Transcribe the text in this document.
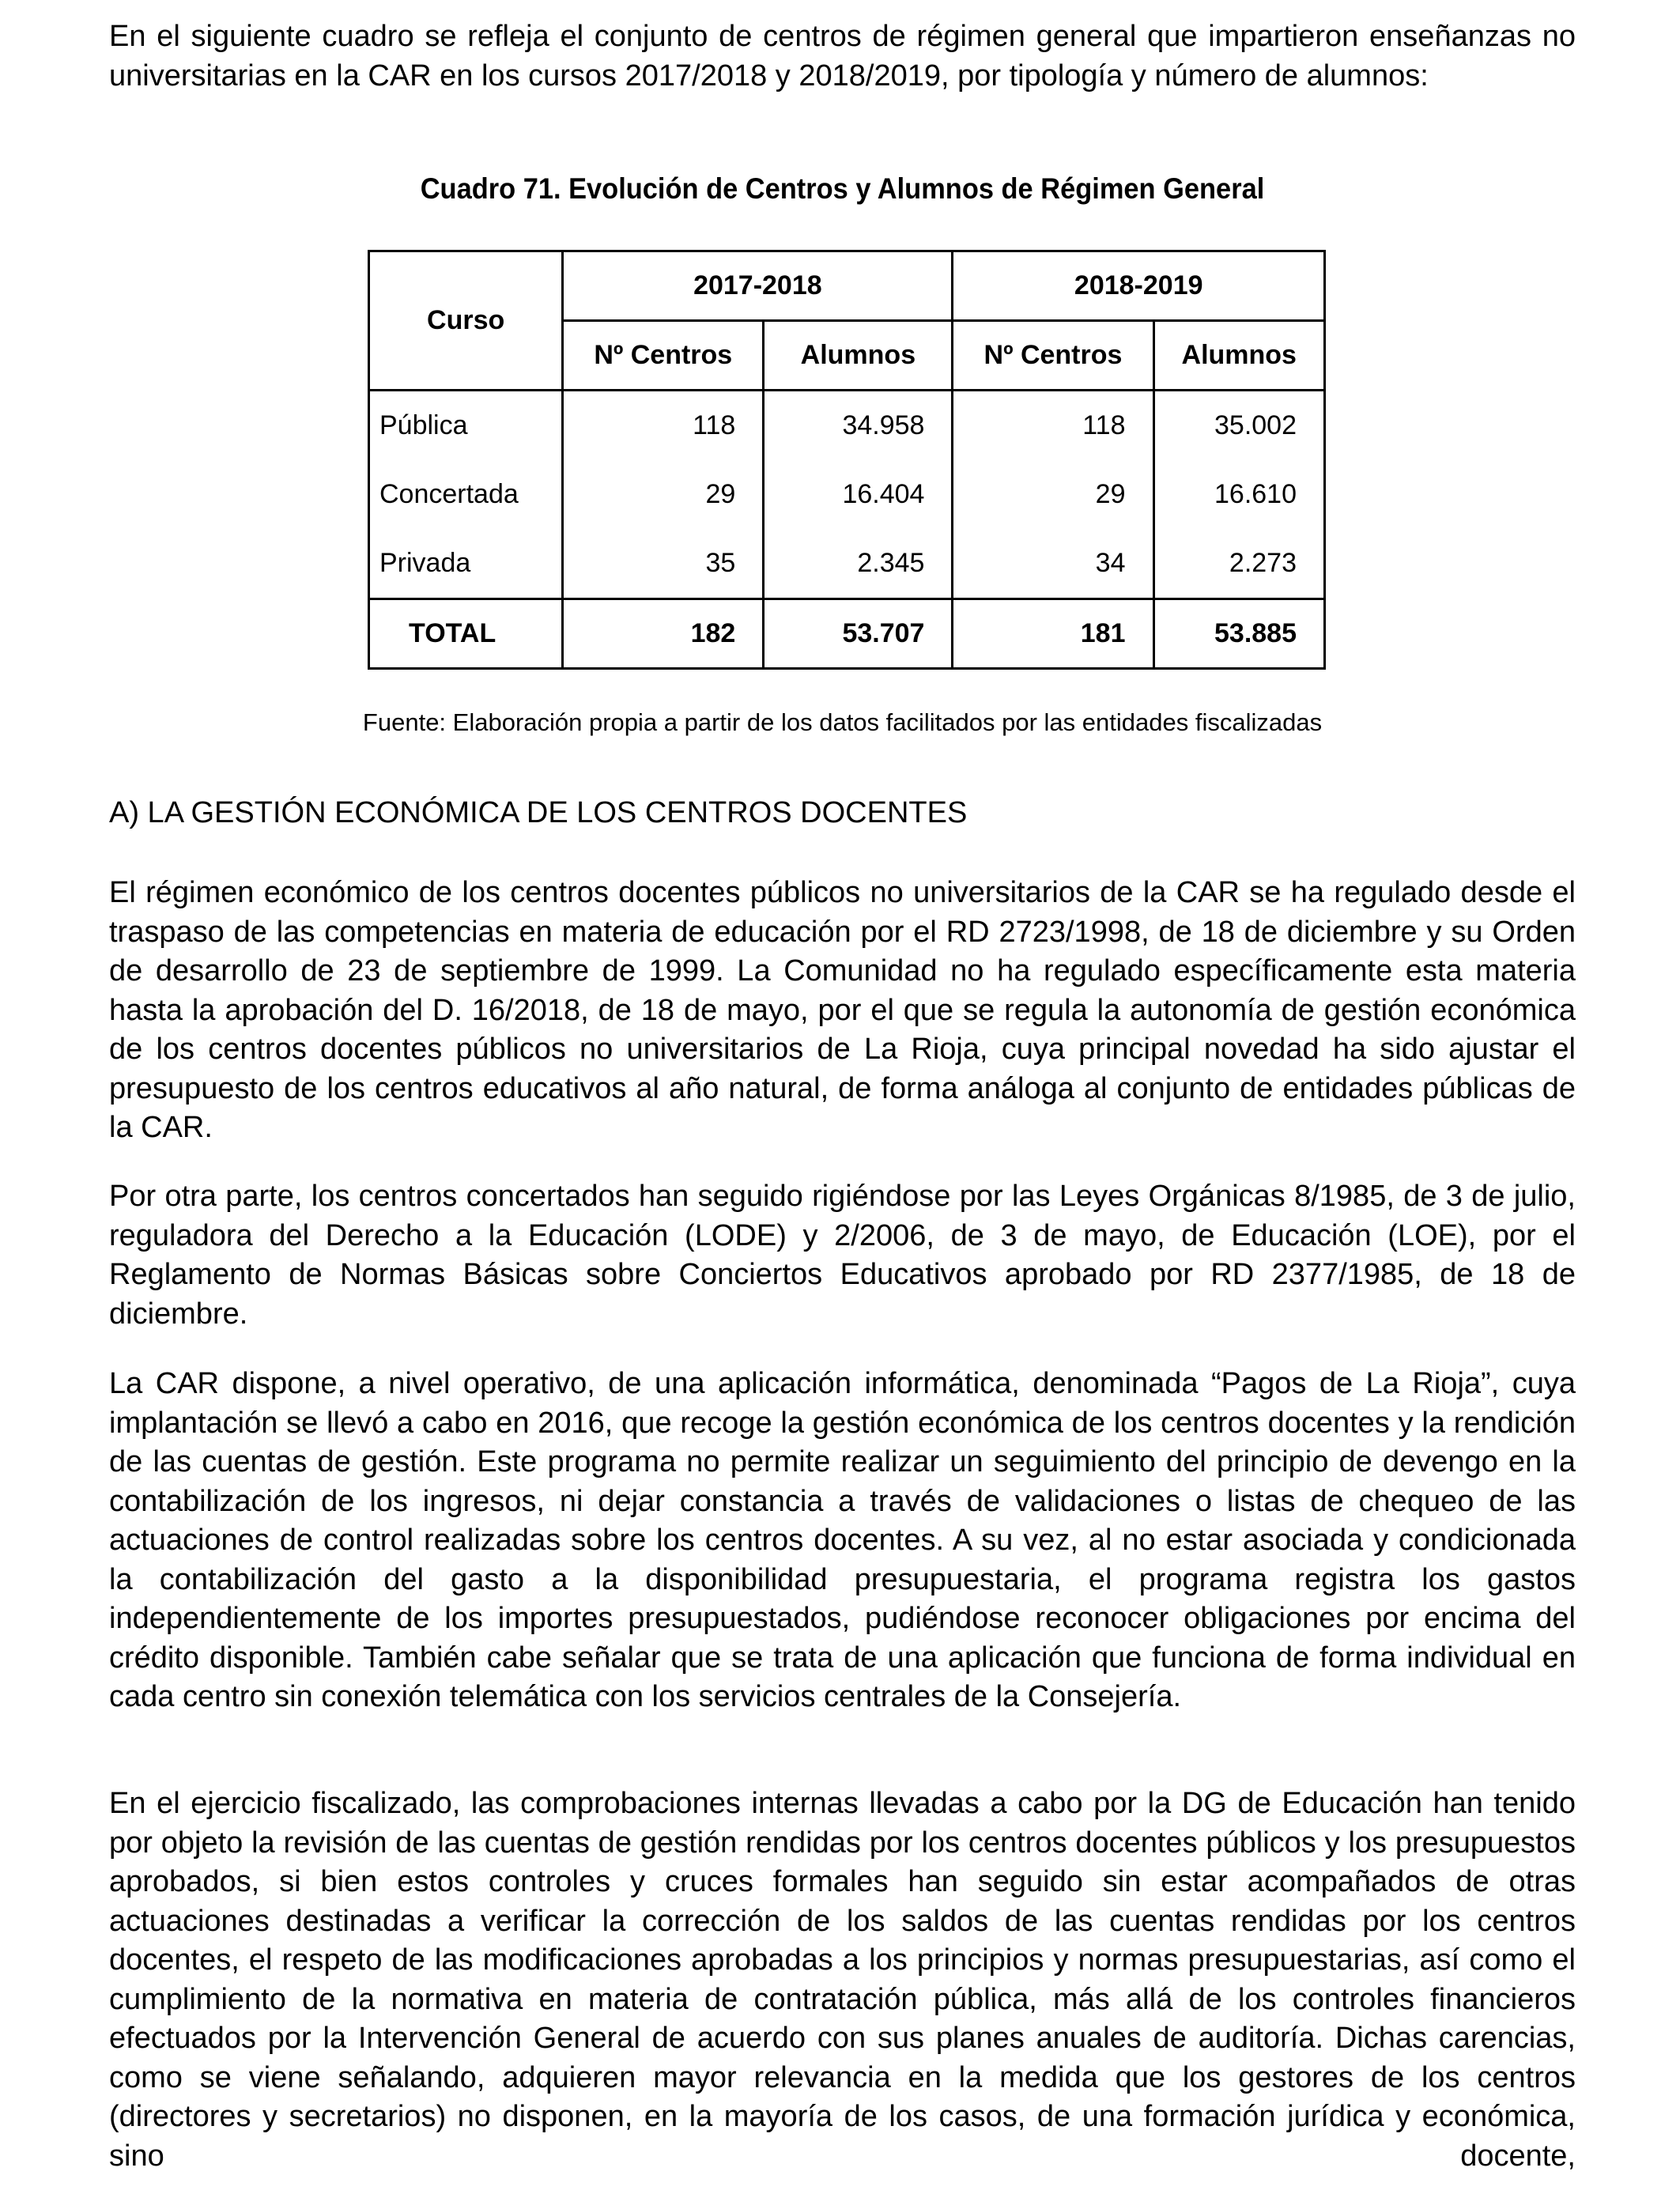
En el siguiente cuadro se refleja el conjunto de centros de régimen general que impartieron enseñanzas no universitarias en la CAR en los cursos 2017/2018 y 2018/2019, por tipología y número de alumnos:

Cuadro 71. Evolución de Centros y Alumnos de Régimen General

Curso	2017-2018		2018-2019	
	Nº Centros	Alumnos	Nº Centros	Alumnos
Pública	118	34.958	118	35.002
Concertada	29	16.404	29	16.610
Privada	35	2.345	34	2.273
TOTAL	182	53.707	181	53.885

Fuente: Elaboración propia a partir de los datos facilitados por las entidades fiscalizadas

A) LA GESTIÓN ECONÓMICA DE LOS CENTROS DOCENTES

El régimen económico de los centros docentes públicos no universitarios de la CAR se ha regulado desde el traspaso de las competencias en materia de educación por el RD 2723/1998, de 18 de diciembre y su Orden de desarrollo de 23 de septiembre de 1999. La Comunidad no ha regulado específicamente esta materia hasta la aprobación del D. 16/2018, de 18 de mayo, por el que se regula la autonomía de gestión económica de los centros docentes públicos no universitarios de La Rioja, cuya principal novedad ha sido ajustar el presupuesto de los centros educativos al año natural, de forma análoga al conjunto de entidades públicas de la CAR.

Por otra parte, los centros concertados han seguido rigiéndose por las Leyes Orgánicas 8/1985, de 3 de julio, reguladora del Derecho a la Educación (LODE) y 2/2006, de 3 de mayo, de Educación (LOE), por el Reglamento de Normas Básicas sobre Conciertos Educativos aprobado por RD 2377/1985, de 18 de diciembre.

La CAR dispone, a nivel operativo, de una aplicación informática, denominada “Pagos de La Rioja”, cuya implantación se llevó a cabo en 2016, que recoge la gestión económica de los centros docentes y la rendición de las cuentas de gestión. Este programa no permite realizar un seguimiento del principio de devengo en la contabilización de los ingresos, ni dejar constancia a través de validaciones o listas de chequeo de las actuaciones de control realizadas sobre los centros docentes. A su vez, al no estar asociada y condicionada la contabilización del gasto a la disponibilidad presupuestaria, el programa registra los gastos independientemente de los importes presupuestados, pudiéndose reconocer obligaciones por encima del crédito disponible. También cabe señalar que se trata de una aplicación que funciona de forma individual en cada centro sin conexión telemática con los servicios centrales de la Consejería.

En el ejercicio fiscalizado, las comprobaciones internas llevadas a cabo por la DG de Educación han tenido por objeto la revisión de las cuentas de gestión rendidas por los centros docentes públicos y los presupuestos aprobados, si bien estos controles y cruces formales han seguido sin estar acompañados de otras actuaciones destinadas a verificar la corrección de los saldos de las cuentas rendidas por los centros docentes, el respeto de las modificaciones aprobadas a los principios y normas presupuestarias, así como el cumplimiento de la normativa en materia de contratación pública, más allá de los controles financieros efectuados por la Intervención General de acuerdo con sus planes anuales de auditoría. Dichas carencias, como se viene señalando, adquieren mayor relevancia en la medida que los gestores de los centros (directores y secretarios) no disponen, en la mayoría de los casos, de una formación jurídica y económica, sino docente,
